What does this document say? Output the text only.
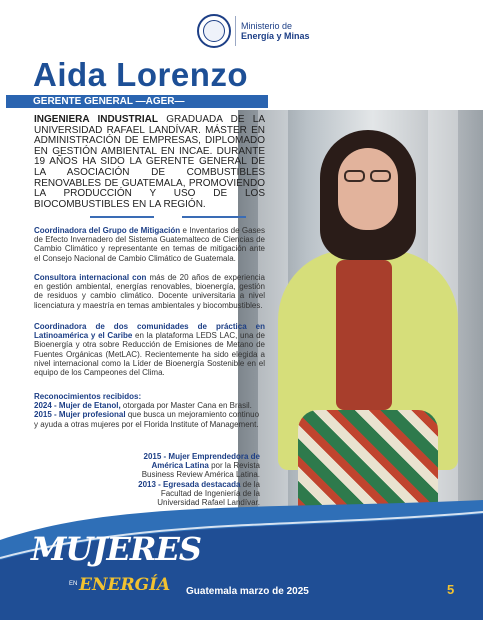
Ministerio de
Energía y Minas
Aida Lorenzo
GERENTE GENERAL —AGER—
INGENIERA INDUSTRIAL GRADUADA DE LA UNIVERSIDAD RAFAEL LANDÍVAR. MÁSTER EN ADMINISTRACIÓN DE EMPRESAS, DIPLOMADO EN GESTIÓN AMBIENTAL EN INCAE. DURANTE 19 AÑOS HA SIDO LA GERENTE GENERAL DE LA ASOCIACIÓN DE COMBUSTIBLES RENOVABLES DE GUATEMALA, PROMOVIENDO LA PRODUCCIÓN Y USO DE LOS BIOCOMBUSTIBLES EN LA REGIÓN.
Coordinadora del Grupo de Mitigación e Inventarios de Gases de Efecto Invernadero del Sistema Guatemalteco de Ciencias de Cambio Climático y representante en temas de mitigación ante el Consejo Nacional de Cambio Climático de Guatemala.
Consultora internacional con más de 20 años de experiencia en gestión ambiental, energías renovables, bioenergía, gestión de residuos y cambio climático. Docente universitaria a nivel licenciatura y maestría en temas ambientales y biocombustibles.
Coordinadora de dos comunidades de práctica en Latinoamérica y el Caribe en la plataforma LEDS LAC, una de Bioenergía y otra sobre Reducción de Emisiones de Metano de Fuentes Orgánicas (MetLAC). Recientemente ha sido elegida a nivel internacional como la Líder de Bioenergía Sostenible en el equipo de los Campeones del Clima.
Reconocimientos recibidos:
2024 - Mujer de Etanol, otorgada por Master Cana en Brasil.
2015 - Mujer profesional que busca un mejoramiento continuo y ayuda a otras mujeres por el Florida Institute of Management.
2015 - Mujer Emprendedora de América Latina por la Revista Business Review América Latina.
2013 - Egresada destacada de la Facultad de Ingeniería de la Universidad Rafael Landívar.
MUJERES
EN ENERGÍA Guatemala marzo de 2025	5
